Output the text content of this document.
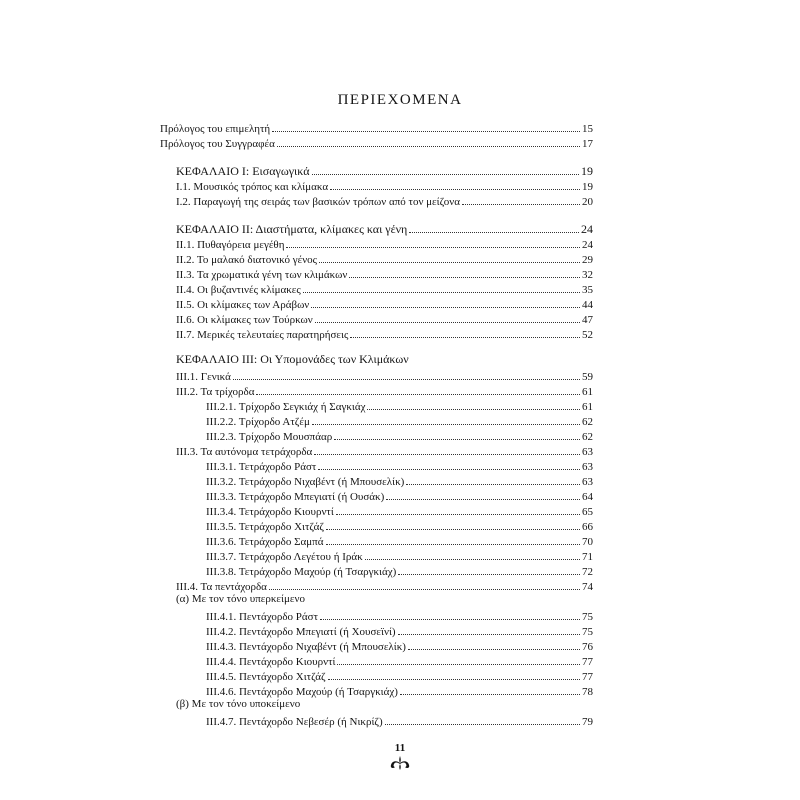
ΠΕΡΙΕΧΟΜΕΝΑ
Πρόλογος του επιμελητή	15
Πρόλογος του Συγγραφέα	17
ΚΕΦΑΛΑΙΟ Ι: Εισαγωγικά	19
Ι.1. Μουσικός τρόπος και κλίμακα	19
Ι.2. Παραγωγή της σειράς των βασικών τρόπων από τον μείζονα	20
ΚΕΦΑΛΑΙΟ ΙΙ: Διαστήματα, κλίμακες και γένη	24
ΙΙ.1. Πυθαγόρεια μεγέθη	24
ΙΙ.2. Το μαλακό διατονικό γένος	29
ΙΙ.3. Τα χρωματικά γένη των κλιμάκων	32
ΙΙ.4. Οι βυζαντινές κλίμακες	35
ΙΙ.5. Οι κλίμακες των Αράβων	44
ΙΙ.6. Οι κλίμακες των Τούρκων	47
ΙΙ.7. Μερικές τελευταίες παρατηρήσεις	52
ΚΕΦΑΛΑΙΟ ΙΙΙ: Οι Υπομονάδες των Κλιμάκων
ΙΙΙ.1. Γενικά	59
ΙΙΙ.2. Τα τρίχορδα	61
ΙΙΙ.2.1. Τρίχορδο Σεγκιάχ ή Σαγκιάχ	61
ΙΙΙ.2.2. Τρίχορδο Ατζέμ	62
ΙΙΙ.2.3. Τρίχορδο Μουσπάαρ	62
ΙΙΙ.3. Τα αυτόνομα τετράχορδα	63
ΙΙΙ.3.1. Τετράχορδο Ράστ	63
ΙΙΙ.3.2. Τετράχορδο Νιχαβέντ (ή Μπουσελίκ)	63
ΙΙΙ.3.3. Τετράχορδο Μπεγιατί (ή Ουσάκ)	64
ΙΙΙ.3.4. Τετράχορδο Κιουρντί	65
ΙΙΙ.3.5. Τετράχορδο Χιτζάζ	66
ΙΙΙ.3.6. Τετράχορδο Σαμπά	70
ΙΙΙ.3.7. Τετράχορδο Λεγέτου ή Ιράκ	71
ΙΙΙ.3.8. Τετράχορδο Μαχούρ (ή Τσαργκιάχ)	72
ΙΙΙ.4. Τα πεντάχορδα	74
(α) Με τον τόνο υπερκείμενο
ΙΙΙ.4.1. Πεντάχορδο Ράστ	75
ΙΙΙ.4.2. Πεντάχορδο Μπεγιατί (ή Χουσεϊνί)	75
ΙΙΙ.4.3. Πεντάχορδο Νιχαβέντ (ή Μπουσελίκ)	76
ΙΙΙ.4.4. Πεντάχορδο Κιουρντί	77
ΙΙΙ.4.5. Πεντάχορδο Χιτζάζ	77
ΙΙΙ.4.6. Πεντάχορδο Μαχούρ (ή Τσαργκιάχ)	78
(β) Με τον τόνο υποκείμενο
ΙΙΙ.4.7. Πεντάχορδο Νεβεσέρ (ή Νικρίζ)	79
11
